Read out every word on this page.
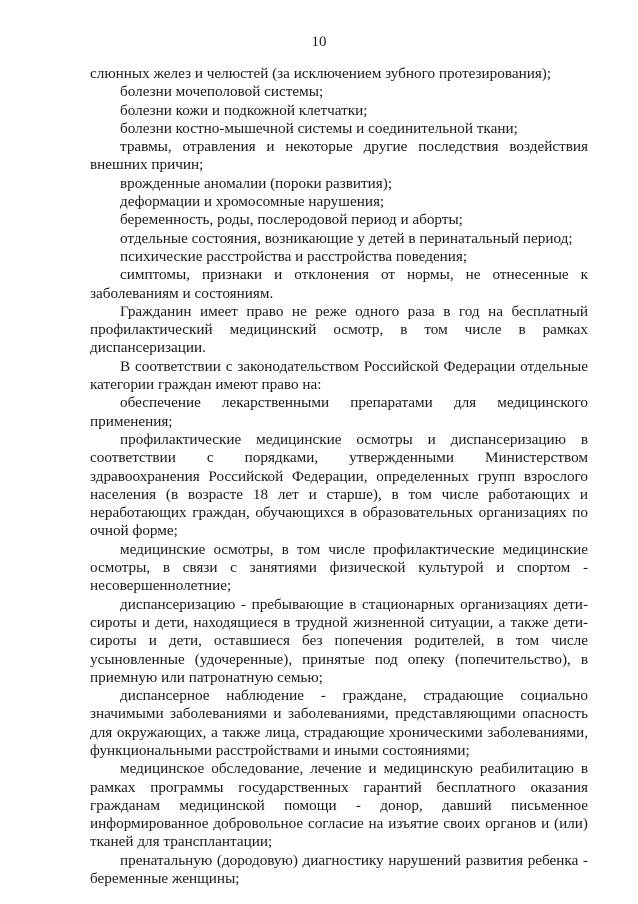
10

слюнных желез и челюстей (за исключением зубного протезирования);

болезни мочеполовой системы;

болезни кожи и подкожной клетчатки;

болезни костно-мышечной системы и соединительной ткани;

травмы, отравления и некоторые другие последствия воздействия внешних причин;

врожденные аномалии (пороки развития);

деформации и хромосомные нарушения;

беременность, роды, послеродовой период и аборты;

отдельные состояния, возникающие у детей в перинатальный период;

психические расстройства и расстройства поведения;

симптомы, признаки и отклонения от нормы, не отнесенные к заболеваниям и состояниям.

Гражданин имеет право не реже одного раза в год на бесплатный профилактический медицинский осмотр, в том числе в рамках диспансеризации.

В соответствии с законодательством Российской Федерации отдельные категории граждан имеют право на:

обеспечение лекарственными препаратами для медицинского применения;

профилактические медицинские осмотры и диспансеризацию в соответствии с порядками, утвержденными Министерством здравоохранения Российской Федерации, определенных групп взрослого населения (в возрасте 18 лет и старше), в том числе работающих и неработающих граждан, обучающихся в образовательных организациях по очной форме;

медицинские осмотры, в том числе профилактические медицинские осмотры, в связи с занятиями физической культурой и спортом - несовершеннолетние;

диспансеризацию - пребывающие в стационарных организациях дети-сироты и дети, находящиеся в трудной жизненной ситуации, а также дети-сироты и дети, оставшиеся без попечения родителей, в том числе усыновленные (удочеренные), принятые под опеку (попечительство), в приемную или патронатную семью;

диспансерное наблюдение - граждане, страдающие социально значимыми заболеваниями и заболеваниями, представляющими опасность для окружающих, а также лица, страдающие хроническими заболеваниями, функциональными расстройствами и иными состояниями;

медицинское обследование, лечение и медицинскую реабилитацию в рамках программы государственных гарантий бесплатного оказания гражданам медицинской помощи - донор, давший письменное информированное добровольное согласие на изъятие своих органов и (или) тканей для трансплантации;

пренатальную (дородовую) диагностику нарушений развития ребенка - беременные женщины;
